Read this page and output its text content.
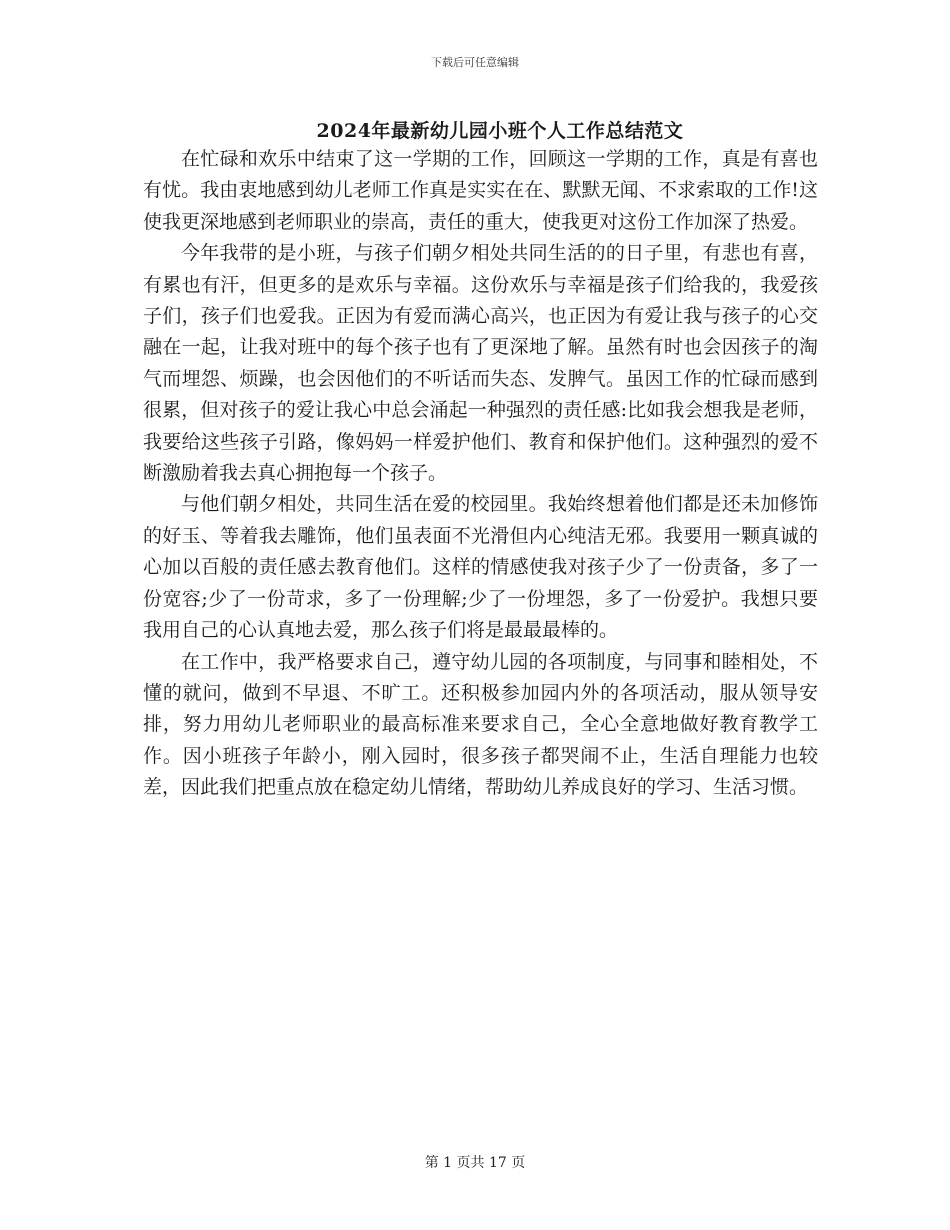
下载后可任意编辑
2024年最新幼儿园小班个人工作总结范文

在忙碌和欢乐中结束了这一学期的工作，回顾这一学期的工作，真是有喜也有忧。我由衷地感到幼儿老师工作真是实实在在、默默无闻、不求索取的工作!这使我更深地感到老师职业的崇高，责任的重大，使我更对这份工作加深了热爱。

今年我带的是小班，与孩子们朝夕相处共同生活的的日子里，有悲也有喜，有累也有汗，但更多的是欢乐与幸福。这份欢乐与幸福是孩子们给我的，我爱孩子们，孩子们也爱我。正因为有爱而满心高兴，也正因为有爱让我与孩子的心交融在一起，让我对班中的每个孩子也有了更深地了解。虽然有时也会因孩子的淘气而埋怨、烦躁，也会因他们的不听话而失态、发脾气。虽因工作的忙碌而感到很累，但对孩子的爱让我心中总会涌起一种强烈的责任感:比如我会想我是老师，我要给这些孩子引路，像妈妈一样爱护他们、教育和保护他们。这种强烈的爱不断激励着我去真心拥抱每一个孩子。

与他们朝夕相处，共同生活在爱的校园里。我始终想着他们都是还未加修饰的好玉、等着我去雕饰，他们虽表面不光滑但内心纯洁无邪。我要用一颗真诚的心加以百般的责任感去教育他们。这样的情感使我对孩子少了一份责备，多了一份宽容;少了一份苛求，多了一份理解;少了一份埋怨，多了一份爱护。我想只要我用自己的心认真地去爱，那么孩子们将是最最最棒的。

在工作中，我严格要求自己，遵守幼儿园的各项制度，与同事和睦相处，不懂的就问，做到不早退、不旷工。还积极参加园内外的各项活动，服从领导安排，努力用幼儿老师职业的最高标准来要求自己，全心全意地做好教育教学工作。因小班孩子年龄小，刚入园时，很多孩子都哭闹不止，生活自理能力也较差，因此我们把重点放在稳定幼儿情绪，帮助幼儿养成良好的学习、生活习惯。

第 1 页共 17 页
